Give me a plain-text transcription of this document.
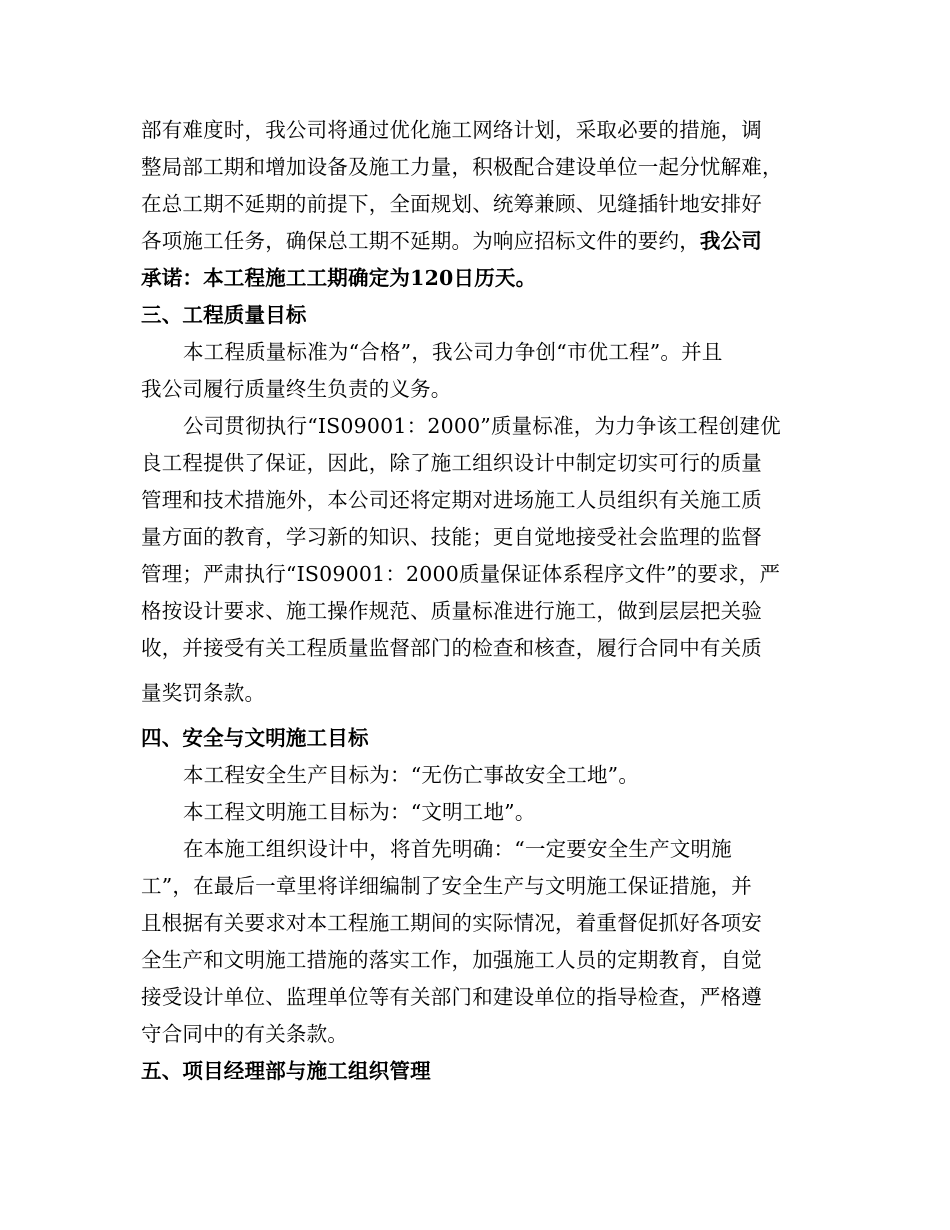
部有难度时，我公司将通过优化施工网络计划，采取必要的措施，调
整局部工期和增加设备及施工力量，积极配合建设单位一起分忧解难，
在总工期不延期的前提下，全面规划、统筹兼顾、见缝插针地安排好
各项施工任务，确保总工期不延期。为响应招标文件的要约，我公司
承诺：本工程施工工期确定为120日历天。
三、工程质量目标
本工程质量标准为“合格”，我公司力争创“市优工程”。并且
我公司履行质量终生负责的义务。
公司贯彻执行“IS09001：2000”质量标准，为力争该工程创建优
良工程提供了保证，因此，除了施工组织设计中制定切实可行的质量
管理和技术措施外，本公司还将定期对进场施工人员组织有关施工质
量方面的教育，学习新的知识、技能；更自觉地接受社会监理的监督
管理；严肃执行“IS09001：2000质量保证体系程序文件”的要求，严
格按设计要求、施工操作规范、质量标准进行施工，做到层层把关验
收，并接受有关工程质量监督部门的检查和核查，履行合同中有关质
量奖罚条款。
四、安全与文明施工目标
本工程安全生产目标为：“无伤亡事故安全工地”。
本工程文明施工目标为：“文明工地”。
在本施工组织设计中，将首先明确：“一定要安全生产文明施
工”，在最后一章里将详细编制了安全生产与文明施工保证措施，并
且根据有关要求对本工程施工期间的实际情况，着重督促抓好各项安
全生产和文明施工措施的落实工作，加强施工人员的定期教育，自觉
接受设计单位、监理单位等有关部门和建设单位的指导检查，严格遵
守合同中的有关条款。
五、项目经理部与施工组织管理
